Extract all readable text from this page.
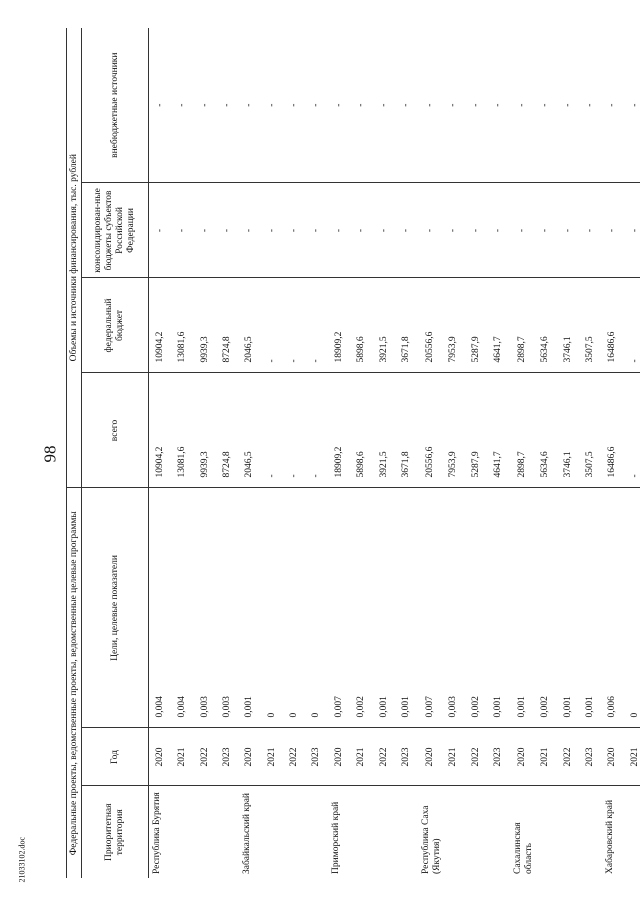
98
21033102.doc
Федеральные проекты, ведомственные проекты, ведомственные целевые программы			Объемы и источники финансирования, тыс. рублей			
Приоритетная территория	Год	Цели, целевые показатели	всего	федеральный бюджет	консолидирован-ные бюджеты субъектов Российской Федерации	внебюджетные источники
Республика Бурятия	2020	0,004	10904,2	10904,2	-	-
	2021	0,004	13081,6	13081,6	-	-
	2022	0,003	9939,3	9939,3	-	-
	2023	0,003	8724,8	8724,8	-	-
Забайкальский край	2020	0,001	2046,5	2046,5	-	-
	2021	0	-	-	-	-
	2022	0	-	-	-	-
	2023	0	-	-	-	-
Приморский край	2020	0,007	18909,2	18909,2	-	-
	2021	0,002	5898,6	5898,6	-	-
	2022	0,001	3921,5	3921,5	-	-
	2023	0,001	3671,8	3671,8	-	-
Республика Саха (Якутия)	2020	0,007	20556,6	20556,6	-	-
	2021	0,003	7953,9	7953,9	-	-
	2022	0,002	5287,9	5287,9	-	-
	2023	0,001	4641,7	4641,7	-	-
Сахалинская область	2020	0,001	2898,7	2898,7	-	-
	2021	0,002	5634,6	5634,6	-	-
	2022	0,001	3746,1	3746,1	-	-
	2023	0,001	3507,5	3507,5	-	-
Хабаровский край	2020	0,006	16486,6	16486,6	-	-
	2021	0	-	-	-	-
